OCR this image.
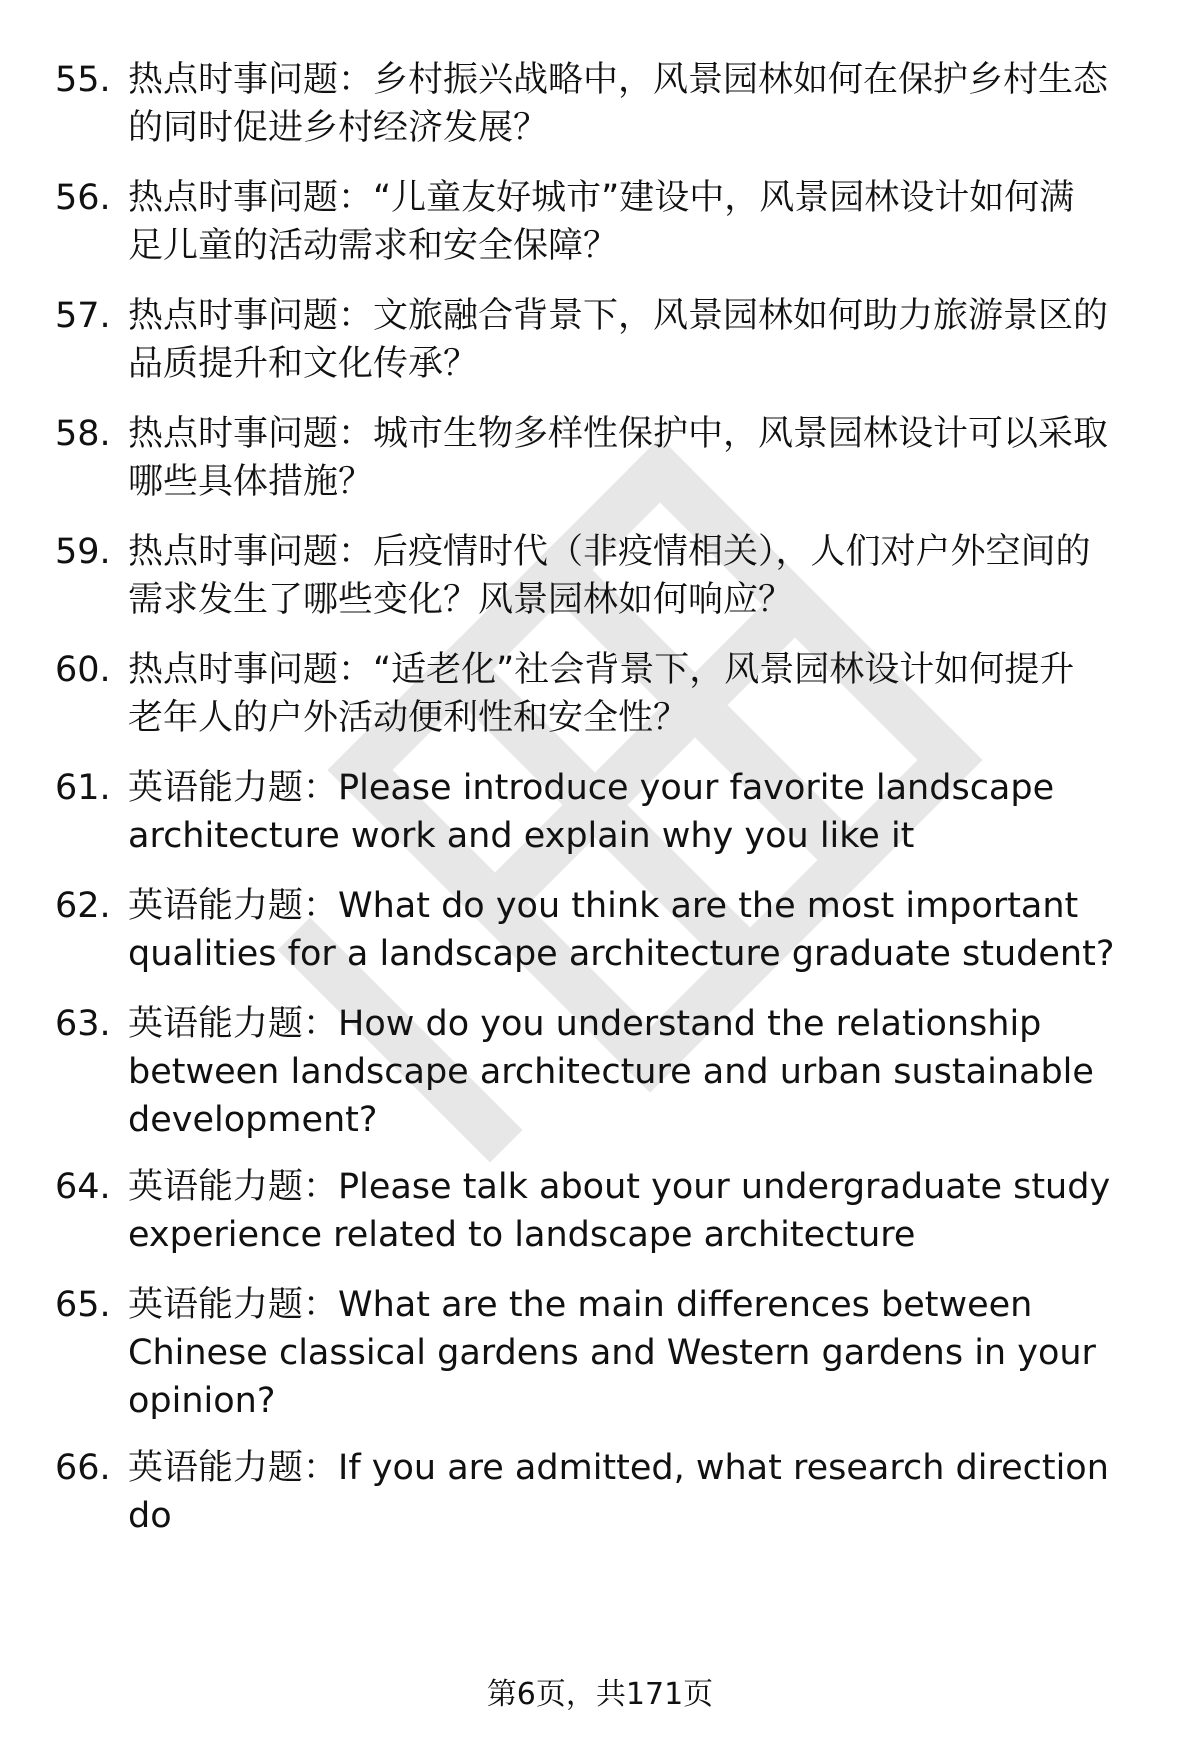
55. 热点时事问题：乡村振兴战略中，风景园林如何在保护乡村生态
的同时促进乡村经济发展？
56. 热点时事问题：“儿童友好城市”建设中，风景园林设计如何满
足儿童的活动需求和安全保障？
57. 热点时事问题：文旅融合背景下，风景园林如何助力旅游景区的
品质提升和文化传承？
58. 热点时事问题：城市生物多样性保护中，风景园林设计可以采取
哪些具体措施？
59. 热点时事问题：后疫情时代（非疫情相关），人们对户外空间的
需求发生了哪些变化？风景园林如何响应？
60. 热点时事问题：“适老化”社会背景下，风景园林设计如何提升
老年人的户外活动便利性和安全性？
61. 英语能力题：Please introduce your favorite landscape
architecture work and explain why you like it
62. 英语能力题：What do you think are the most important
qualities for a landscape architecture graduate student?
63. 英语能力题：How do you understand the relationship
between landscape architecture and urban sustainable
development?
64. 英语能力题：Please talk about your undergraduate study
experience related to landscape architecture
65. 英语能力题：What are the main differences between
Chinese classical gardens and Western gardens in your
opinion?
66. 英语能力题：If you are admitted, what research direction do
第6页，共171页
